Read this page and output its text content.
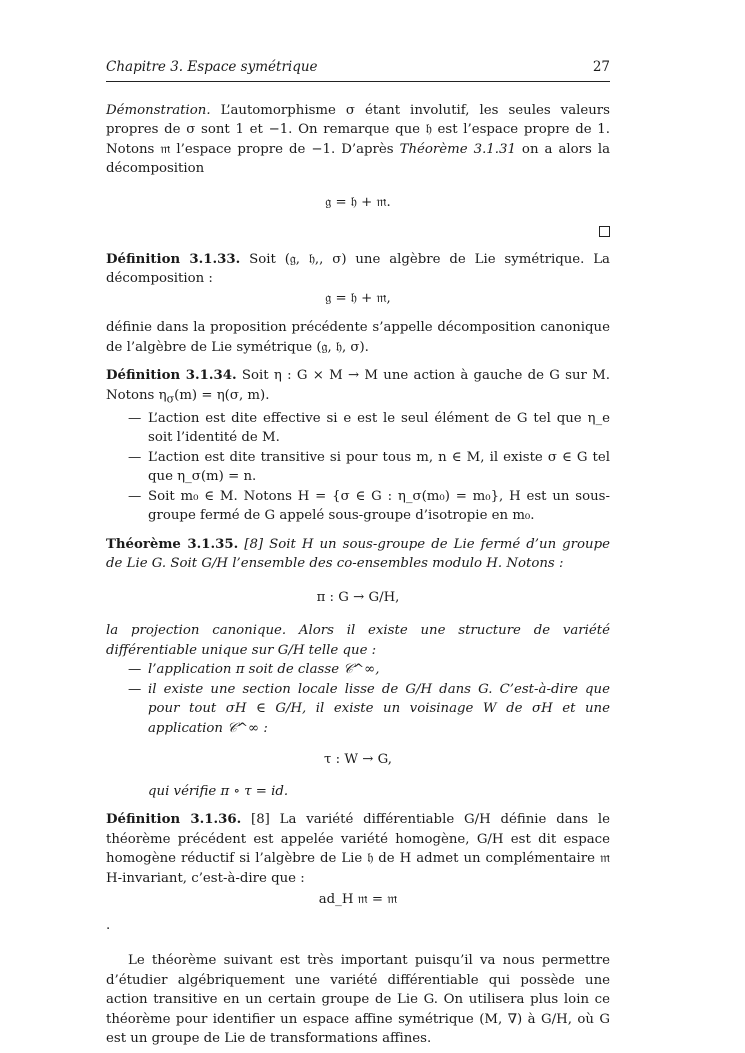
Chapitre 3. Espace symétrique	27

Démonstration. L’automorphisme σ étant involutif, les seules valeurs propres de σ sont 1 et −1. On remarque que 𝔥 est l’espace propre de 1. Notons 𝔪 l’espace propre de −1. D’après Théorème 3.1.31 on a alors la décomposition

𝔤 = 𝔥 + 𝔪.

Définition 3.1.33. Soit (𝔤, 𝔥,, σ) une algèbre de Lie symétrique. La décomposition :

𝔤 = 𝔥 + 𝔪,

définie dans la proposition précédente s’appelle décomposition canonique de l’algèbre de Lie symétrique (𝔤, 𝔥, σ).

Définition 3.1.34. Soit η : G × M → M une action à gauche de G sur M. Notons $\eta_\sigma(m) = \eta(\sigma$, m).

— L’action est dite effective si e est le seul élément de G tel que η_e soit l’identité de M.
— L’action est dite transitive si pour tous m, n ∈ M, il existe σ ∈ G tel que η_σ(m) = n.
— Soit m₀ ∈ M. Notons H = {σ ∈ G : η_σ(m₀) = m₀}, H est un sous-groupe fermé de G appelé sous-groupe d’isotropie en m₀.

Théorème 3.1.35. [8] Soit H un sous-groupe de Lie fermé d’un groupe de Lie G. Soit G/H l’ensemble des co-ensembles modulo H. Notons :

π : G → G/H,

la projection canonique. Alors il existe une structure de variété différentiable unique sur G/H telle que :

— l’application π soit de classe 𝒞^∞,
— il existe une section locale lisse de G/H dans G. C’est-à-dire que pour tout σH ∈ G/H, il existe un voisinage W de σH et une application 𝒞^∞ :
τ : W → G,

qui vérifie π ∘ τ = id.

Définition 3.1.36. [8] La variété différentiable G/H définie dans le théorème précédent est appelée variété homogène, G/H est dit espace homogène réductif si l’algèbre de Lie 𝔥 de H admet un complémentaire 𝔪 H-invariant, c’est-à-dire que :

ad_H 𝔪 = 𝔪

.

Le théorème suivant est très important puisqu’il va nous permettre d’étudier algébriquement une variété différentiable qui possède une action transitive en un certain groupe de Lie G. On utilisera plus loin ce théorème pour identifier un espace affine symétrique (M, ∇) à G/H, où G est un groupe de Lie de transformations affines.
